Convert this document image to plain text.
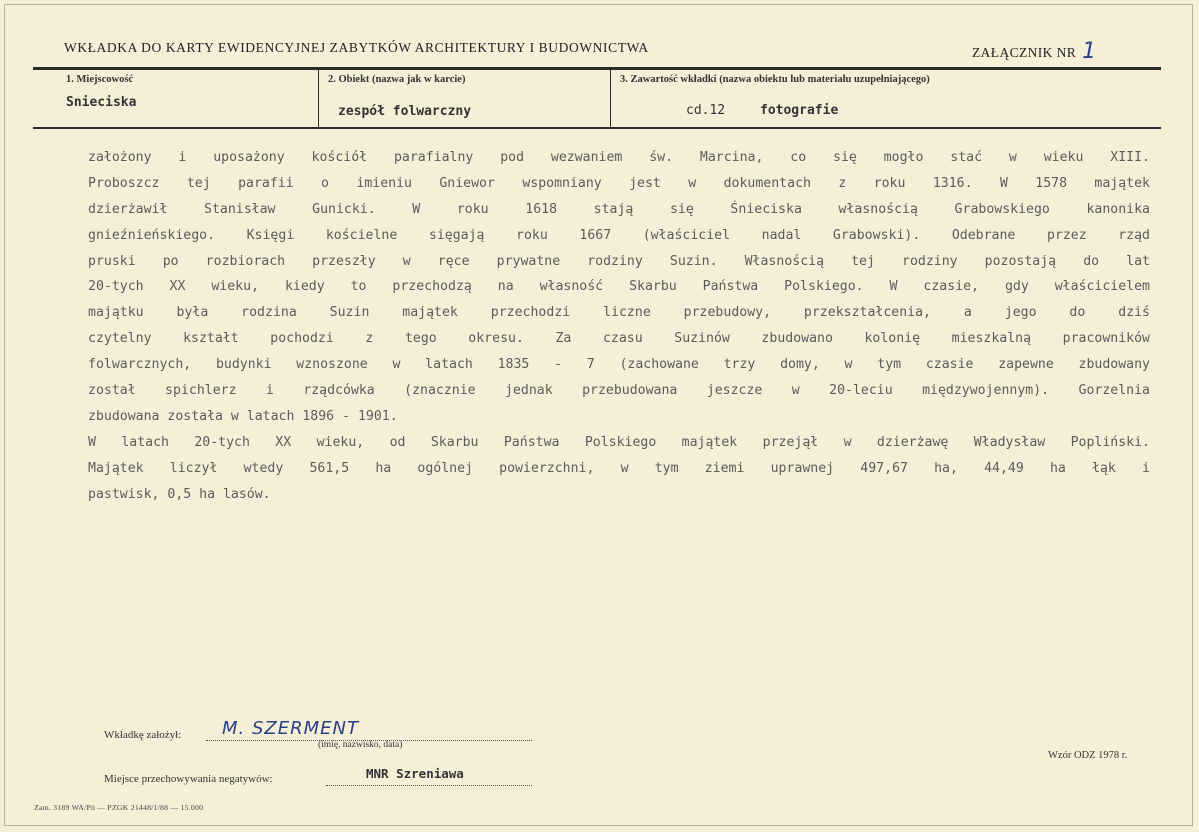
WKŁADKA DO KARTY EWIDENCYJNEJ ZABYTKÓW ARCHITEKTURY I BUDOWNICTWA	ZAŁĄCZNIK NR 1
1. Miejscowość
Snieciska
2. Obiekt (nazwa jak w karcie)
zespół folwarczny
3. Zawartość wkładki (nazwa obiektu lub materiału uzupełniającego)
cd.12	fotografie
założony i uposażony kościół parafialny pod wezwaniem św. Marcina, co się mogło stać w wieku XIII.
Proboszcz tej parafii o imieniu Gniewor wspomniany jest w dokumentach z roku 1316. W 1578 majątek
dzierżawił Stanisław Gunicki. W roku 1618 stają się Śnieciska własnością Grabowskiego kanonika
gnieźnieńskiego. Księgi kościelne sięgają roku 1667 (właściciel nadal Grabowski). Odebrane przez rząd
pruski po rozbiorach przeszły w ręce prywatne rodziny Suzin. Własnością tej rodziny pozostają do lat
20-tych XX wieku, kiedy to przechodzą na własność Skarbu Państwa Polskiego. W czasie, gdy właścicielem
majątku była rodzina Suzin majątek przechodzi liczne przebudowy, przekształcenia, a jego do dziś
czytelny kształt pochodzi z tego okresu. Za czasu Suzinów zbudowano kolonię mieszkalną pracowników
folwarcznych, budynki wznoszone w latach 1835 - 7 (zachowane trzy domy, w tym czasie zapewne zbudowany
został spichlerz i rządcówka (znacznie jednak przebudowana jeszcze w 20-leciu międzywojennym). Gorzelnia
zbudowana została w latach 1896 - 1901.
W latach 20-tych XX wieku, od Skarbu Państwa Polskiego majątek przejął w dzierżawę Władysław Popliński.
Majątek liczył wtedy 561,5 ha ogólnej powierzchni, w tym ziemi uprawnej 497,67 ha, 44,49 ha łąk i
pastwisk, 0,5 ha lasów.
Wkładkę założył: M. SZERMENT
(imię, nazwisko, data)
Miejsce przechowywania negatywów:	MNR Szreniawa
Wzór ODZ 1978 r.
Zam. 3189 WA/Pń — PZGK 21448/1/88 — 15.000
